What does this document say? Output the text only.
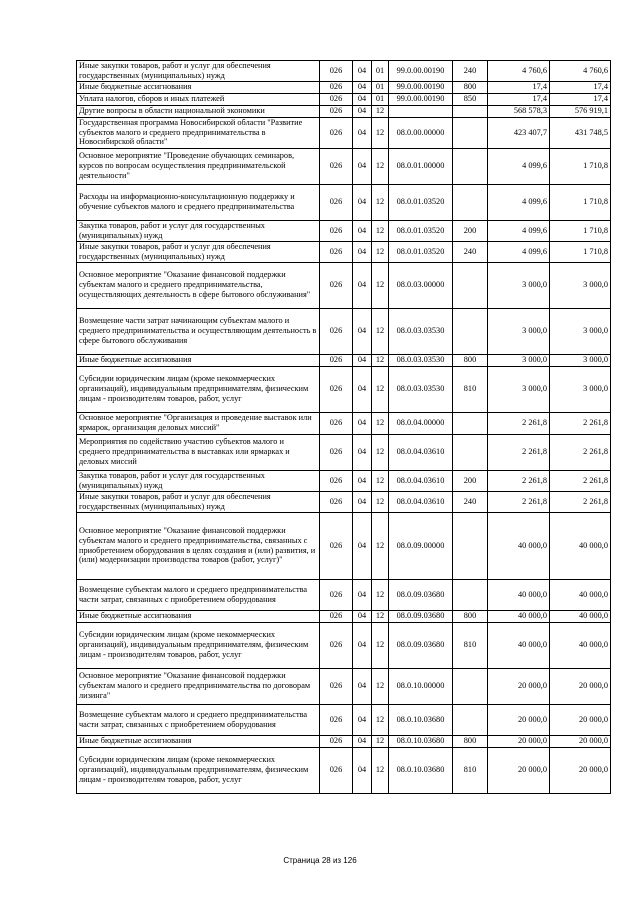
Иные закупки товаров, работ и услуг для обеспечения государственных (муниципальных) нужд	026	04	01	99.0.00.00190	240	4 760,6	4 760,6
Иные бюджетные ассигнования	026	04	01	99.0.00.00190	800	17,4	17,4
Уплата налогов, сборов и иных платежей	026	04	01	99.0.00.00190	850	17,4	17,4
Другие вопросы в области национальной экономики	026	04	12			568 578,3	576 919,1
Государственная программа Новосибирской области "Развитие субъектов малого и среднего предпринимательства в Новосибирской области"	026	04	12	08.0.00.00000		423 407,7	431 748,5
Основное мероприятие "Проведение обучающих семинаров, курсов по вопросам осуществления предпринимательской деятельности"	026	04	12	08.0.01.00000		4 099,6	1 710,8
Расходы на информационно-консультационную поддержку и обучение субъектов малого и среднего предпринимательства	026	04	12	08.0.01.03520		4 099,6	1 710,8
Закупка товаров, работ и услуг для государственных (муниципальных) нужд	026	04	12	08.0.01.03520	200	4 099,6	1 710,8
Иные закупки товаров, работ и услуг для обеспечения государственных (муниципальных) нужд	026	04	12	08.0.01.03520	240	4 099,6	1 710,8
Основное мероприятие "Оказание финансовой поддержки субъектам малого и среднего предпринимательства, осуществляющих деятельность в сфере бытового обслуживания"	026	04	12	08.0.03.00000		3 000,0	3 000,0
Возмещение части затрат начинающим субъектам малого и среднего предпринимательства и осуществляющим деятельность в сфере бытового обслуживания	026	04	12	08.0.03.03530		3 000,0	3 000,0
Иные бюджетные ассигнования	026	04	12	08.0.03.03530	800	3 000,0	3 000,0
Субсидии юридическим лицам (кроме некоммерческих организаций), индивидуальным предпринимателям, физическим лицам - производителям товаров, работ, услуг	026	04	12	08.0.03.03530	810	3 000,0	3 000,0
Основное мероприятие "Организация и проведение выставок или ярмарок, организация деловых миссий"	026	04	12	08.0.04.00000		2 261,8	2 261,8
Мероприятия по содействию участию субъектов малого и среднего предпринимательства в выставках или ярмарках и деловых миссий	026	04	12	08.0.04.03610		2 261,8	2 261,8
Закупка товаров, работ и услуг для государственных (муниципальных) нужд	026	04	12	08.0.04.03610	200	2 261,8	2 261,8
Иные закупки товаров, работ и услуг для обеспечения государственных (муниципальных) нужд	026	04	12	08.0.04.03610	240	2 261,8	2 261,8
Основное мероприятие "Оказание финансовой поддержки субъектам малого и среднего предпринимательства, связанных с приобретением оборудования в целях создания и (или) развития, и (или) модернизации производства товаров (работ, услуг)"	026	04	12	08.0.09.00000		40 000,0	40 000,0
Возмещение субъектам малого и среднего предпринимательства части затрат, связанных с приобретением оборудования	026	04	12	08.0.09.03680		40 000,0	40 000,0
Иные бюджетные ассигнования	026	04	12	08.0.09.03680	800	40 000,0	40 000,0
Субсидии юридическим лицам (кроме некоммерческих организаций), индивидуальным предпринимателям, физическим лицам - производителям товаров, работ, услуг	026	04	12	08.0.09.03680	810	40 000,0	40 000,0
Основное мероприятие "Оказание финансовой поддержки субъектам малого и среднего предпринимательства по договорам лизинга"	026	04	12	08.0.10.00000		20 000,0	20 000,0
Возмещение субъектам малого и среднего предпринимательства части затрат, связанных с приобретением оборудования	026	04	12	08.0.10.03680		20 000,0	20 000,0
Иные бюджетные ассигнования	026	04	12	08.0.10.03680	800	20 000,0	20 000,0
Субсидии юридическим лицам (кроме некоммерческих организаций), индивидуальным предпринимателям, физическим лицам - производителям товаров, работ, услуг	026	04	12	08.0.10.03680	810	20 000,0	20 000,0
Страница 28 из 126
